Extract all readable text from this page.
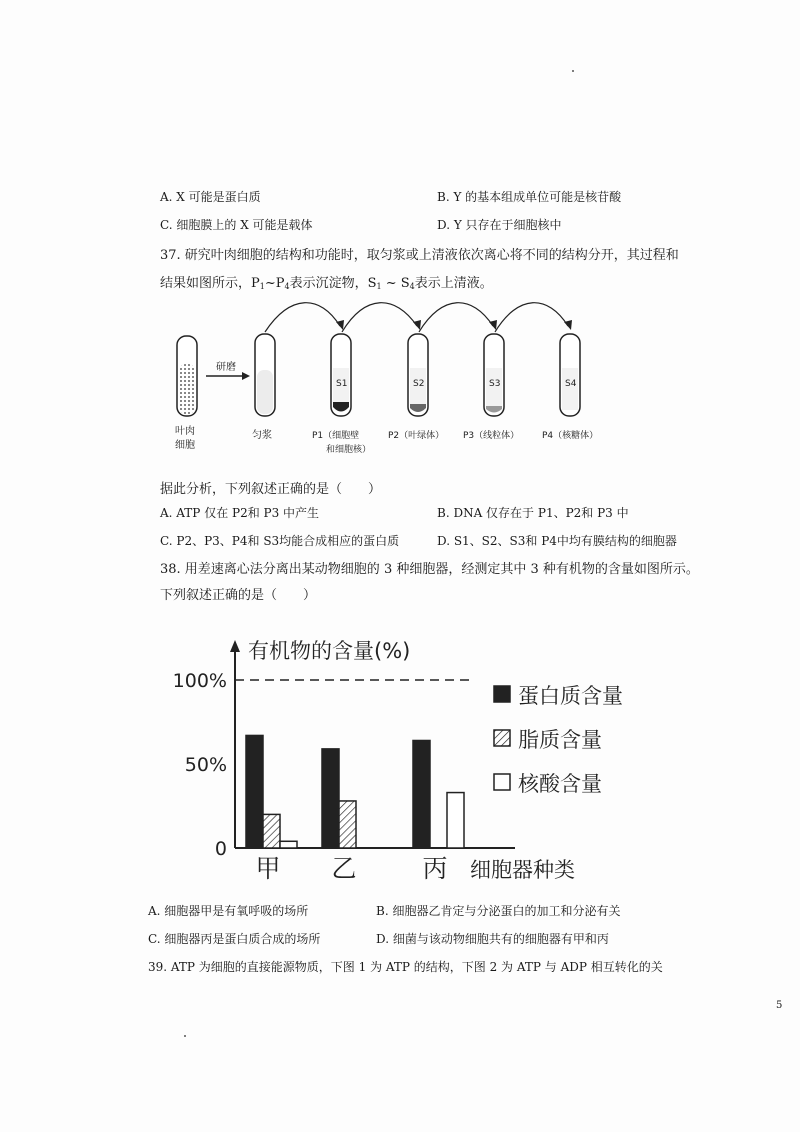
A. X 可能是蛋白质	B. Y 的基本组成单位可能是核苷酸
C. 细胞膜上的 X 可能是载体	D. Y 只存在于细胞核中
37. 研究叶肉细胞的结构和功能时，取匀浆或上清液依次离心将不同的结构分开，其过程和
结果如图所示，$P_1\sim P_4$表示沉淀物，$S_1$ ~ $S_4$表示上清液。
研磨
S1	S2	S3	S4
叶肉
细胞
匀浆	P1（细胞壁
和细胞核）
P2（叶绿体） P3（线粒体）	P4（核糖体）
据此分析，下列叙述正确的是（　　）
A. ATP 仅在 P2和 P3 中产生	B. DNA 仅存在于 P1、P2和 P3 中
C. P2、P3、P4和 S3均能合成相应的蛋白质	D. S1、S2、S3和 P4中均有膜结构的细胞器
38. 用差速离心法分离出某动物细胞的 3 种细胞器，经测定其中 3 种有机物的含量如图所示。
下列叙述正确的是（　　）
有机物的含量(%)
0
50%
100%
甲 乙	丙 细胞器种类
蛋白质含量
脂质含量
核酸含量
A. 细胞器甲是有氧呼吸的场所	B. 细胞器乙肯定与分泌蛋白的加工和分泌有关
C. 细胞器丙是蛋白质合成的场所	D. 细菌与该动物细胞共有的细胞器有甲和丙
39. ATP 为细胞的直接能源物质，下图 1 为 ATP 的结构，下图 2 为 ATP 与 ADP 相互转化的关
5
